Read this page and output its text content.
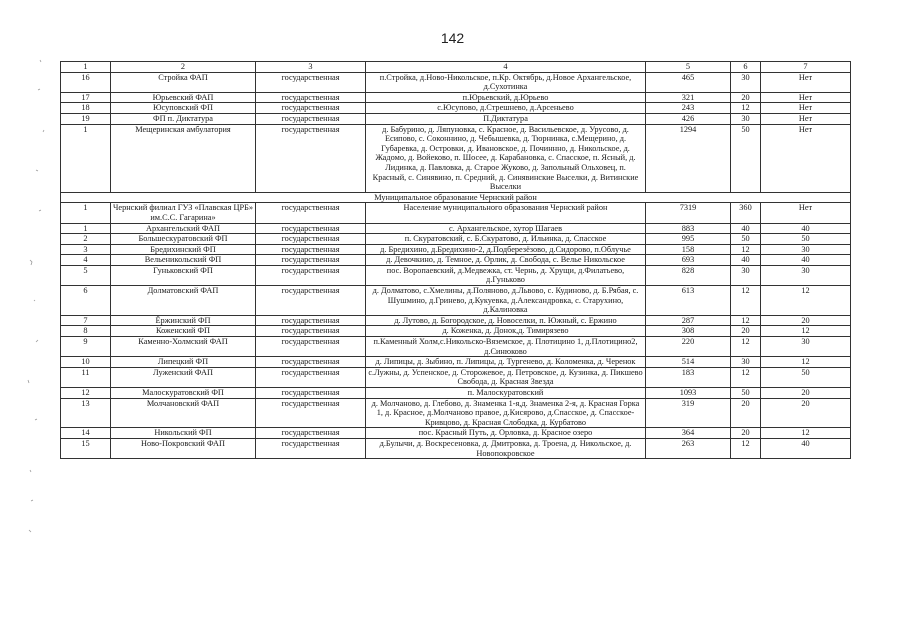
142
1	2	3	4	5	6	7
16	Стройка ФАП	государственная	п.Стройка, д.Ново-Никольское, п.Кр. Октябрь, д.Новое Архангельское, д.Сухотинка	465	30	Нет
17	Юрьевский ФАП	государственная	п.Юрьевский, д.Юрьево	321	20	Нет
18	Юсуповский ФП	государственная	с.Юсупово, д.Стрешнево, д.Арсеньево	243	12	Нет
19	ФП п. Диктатура	государственная	П.Диктатура	426	30	Нет
1	Мещеринская амбулатория	государственная	д. Бабурино, д. Ляпуновка, с. Красное, д. Васильевское, д. Урусово, д. Есипово, с. Соконнино, д. Чебышевка, д. Тюрнинка, с.Мещерино, д. Губаревка, д. Островки, д. Ивановское, д. Починнно, д. Никольское, д. Жадомо, д. Войеково, п. Шосее, д. Карабановка, с. Спасское, п. Ясный, д. Лидинка, д. Павловка, д. Старое Жуково, д. Запольный Ольховец, п. Красный, с. Синявино, п. Средний, д. Синявинские Выселки, д. Витинские Выселки	1294	50	Нет
Муниципальное образование Чернский район						
1	Чернский филиал ГУЗ «Плавская ЦРБ» им.С.С. Гагарина»	государственная	Население муниципального образования Чернский район	7319	360	Нет
1	Архангельский ФАП	государственная	с. Архангельское, хутор Шагаев	883	40	40
2	Большескуратовский ФП	государственная	п. Скуратовский, с. Б.Скуратово, д. Ильинка, д. Спасское	995	50	50
3	Бредихинский ФП	государственная	д. Бредихино, д.Бредихино-2, д.Подберезёзово, д.Сидорово, п.Облучье	158	12	30
4	Вельеникольский ФП	государственная	д. Девочкино, д. Темное, д. Орлик, д. Свобода, с. Велье Никольское	693	40	40
5	Гуньковский ФП	государственная	пос. Воропаевский, д.Медвежка, ст. Чернь, д. Хрущи, д.Филатьево, д.Гуньково	828	30	30
6	Долматовский ФАП	государственная	д. Долматово, с.Хмелины, д.Поляново, д.Львово, с. Кудиново, д. Б.Рябая, с. Шушмино, д.Гринево, д.Кукуевка, д.Александровка, с. Старухино, д.Калиновка	613	12	12
7	Ёржинский ФП	государственная	д. Лутово, д. Богородское, д. Новоселки, п. Южный, с. Ержино	287	12	20
8	Коженский ФП	государственная	д. Коженка, д. Донок,д. Тимирязево	308	20	12
9	Каменно-Холмский ФАП	государственная	п.Каменный Холм,с.Никольско-Вяземское, д. Плотицино 1, д.Плотицино2, д.Синюково	220	12	30
10	Липецкий ФП	государственная	д. Липицы, д. Зыбино, п. Липицы, д. Тургенево, д. Коломенка, д. Черенок	514	30	12
11	Луженский ФАП	государственная	с.Лужны, д. Успенское, д. Сторожевое, д. Петровское, д. Кузинка, д. Пикшево Свобода, д. Красная Звезда	183	12	50
12	Малоскуратовский ФП	государственная	п. Малоскуратовский	1093	50	20
13	Молчановский ФАП	государственная	д. Молчаново, д. Глебово, д. Знаменка 1-я,д. Знаменка 2-я, д. Красная Горка 1, д. Красное, д.Молчаново правое, д.Кисярово, д.Спасское, д. Спасское-Кривцово, д. Красная Слободка, д. Курбатово	319	20	20
14	Никольский ФП	государственная	пос. Красный Путь, д. Орловка, д. Красное озеро	364	20	12
15	Ново-Покровский ФАП	государственная	д.Булычи, д. Воскресеновка, д. Дмитровка, д. Троена, д. Никольское, д. Новопокровское	263	12	40
